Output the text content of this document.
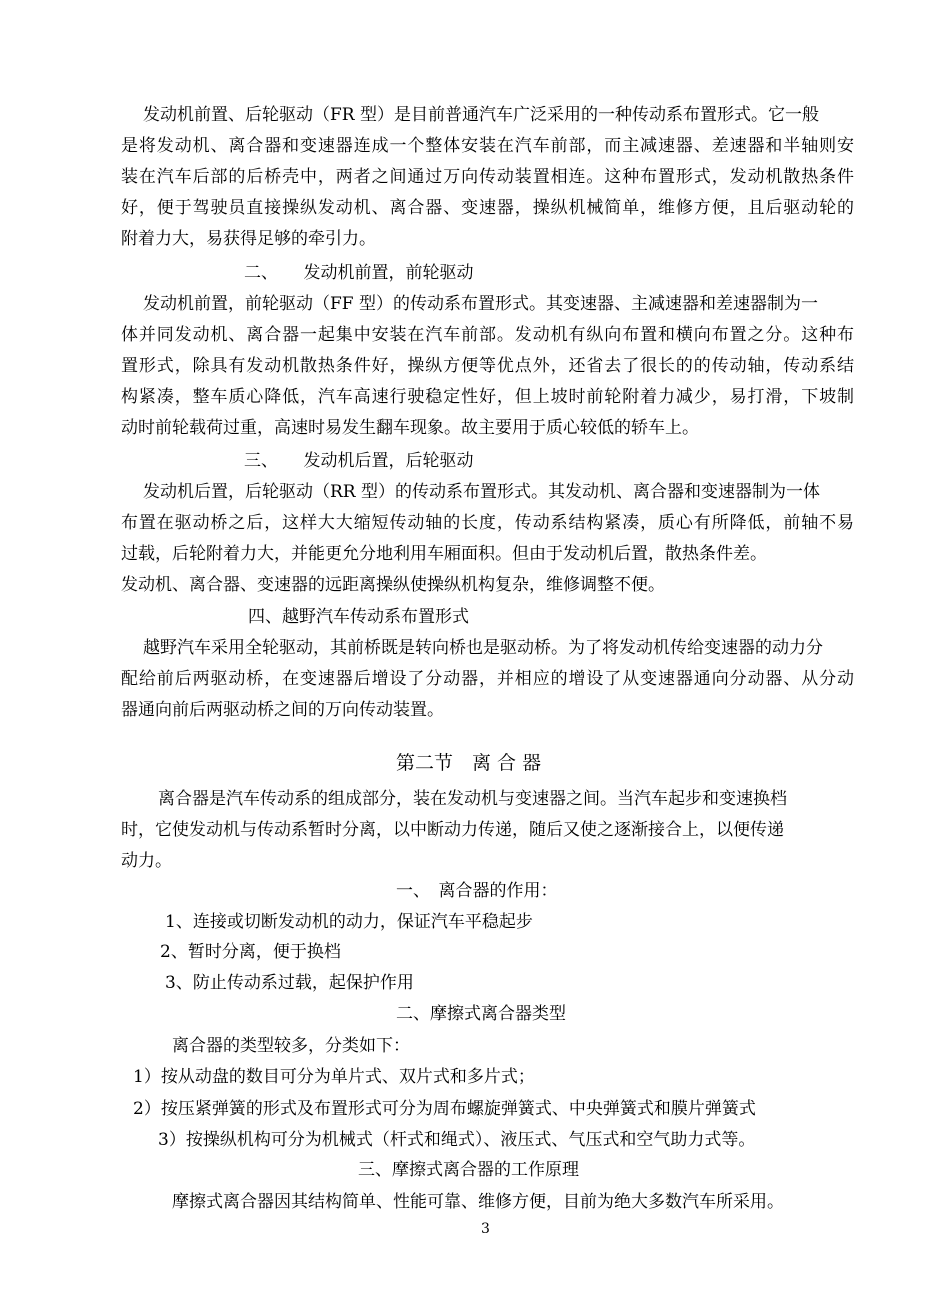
发动机前置、后轮驱动（FR 型）是目前普通汽车广泛采用的一种传动系布置形式。它一般
是将发动机、离合器和变速器连成一个整体安装在汽车前部，而主减速器、差速器和半轴则安
装在汽车后部的后桥壳中，两者之间通过万向传动装置相连。这种布置形式，发动机散热条件
好，便于驾驶员直接操纵发动机、离合器、变速器，操纵机械简单，维修方便，且后驱动轮的
附着力大，易获得足够的牵引力。
二、　　发动机前置，前轮驱动
发动机前置，前轮驱动（FF 型）的传动系布置形式。其变速器、主减速器和差速器制为一
体并同发动机、离合器一起集中安装在汽车前部。发动机有纵向布置和横向布置之分。这种布
置形式，除具有发动机散热条件好，操纵方便等优点外，还省去了很长的的传动轴，传动系结
构紧凑，整车质心降低，汽车高速行驶稳定性好，但上坡时前轮附着力减少，易打滑，下坡制
动时前轮载荷过重，高速时易发生翻车现象。故主要用于质心较低的轿车上。
三、　　发动机后置，后轮驱动
发动机后置，后轮驱动（RR 型）的传动系布置形式。其发动机、离合器和变速器制为一体
布置在驱动桥之后，这样大大缩短传动轴的长度，传动系结构紧凑，质心有所降低，前轴不易
过载，后轮附着力大，并能更允分地利用车厢面积。但由于发动机后置，散热条件差。
发动机、离合器、变速器的远距离操纵使操纵机构复杂，维修调整不便。
四、越野汽车传动系布置形式
越野汽车采用全轮驱动，其前桥既是转向桥也是驱动桥。为了将发动机传给变速器的动力分
配给前后两驱动桥，在变速器后增设了分动器，并相应的增设了从变速器通向分动器、从分动
器通向前后两驱动桥之间的万向传动装置。
第二节　离 合 器
离合器是汽车传动系的组成部分，装在发动机与变速器之间。当汽车起步和变速换档
时，它使发动机与传动系暂时分离，以中断动力传递，随后又使之逐渐接合上，以便传递
动力。
一、　离合器的作用：
1、连接或切断发动机的动力，保证汽车平稳起步
2、暂时分离，便于换档
3、防止传动系过载，起保护作用
二、摩擦式离合器类型
离合器的类型较多，分类如下：
1）按从动盘的数目可分为单片式、双片式和多片式；
2）按压紧弹簧的形式及布置形式可分为周布螺旋弹簧式、中央弹簧式和膜片弹簧式
3）按操纵机构可分为机械式（杆式和绳式）、液压式、气压式和空气助力式等。
三、摩擦式离合器的工作原理
摩擦式离合器因其结构简单、性能可靠、维修方便，目前为绝大多数汽车所采用。
3
